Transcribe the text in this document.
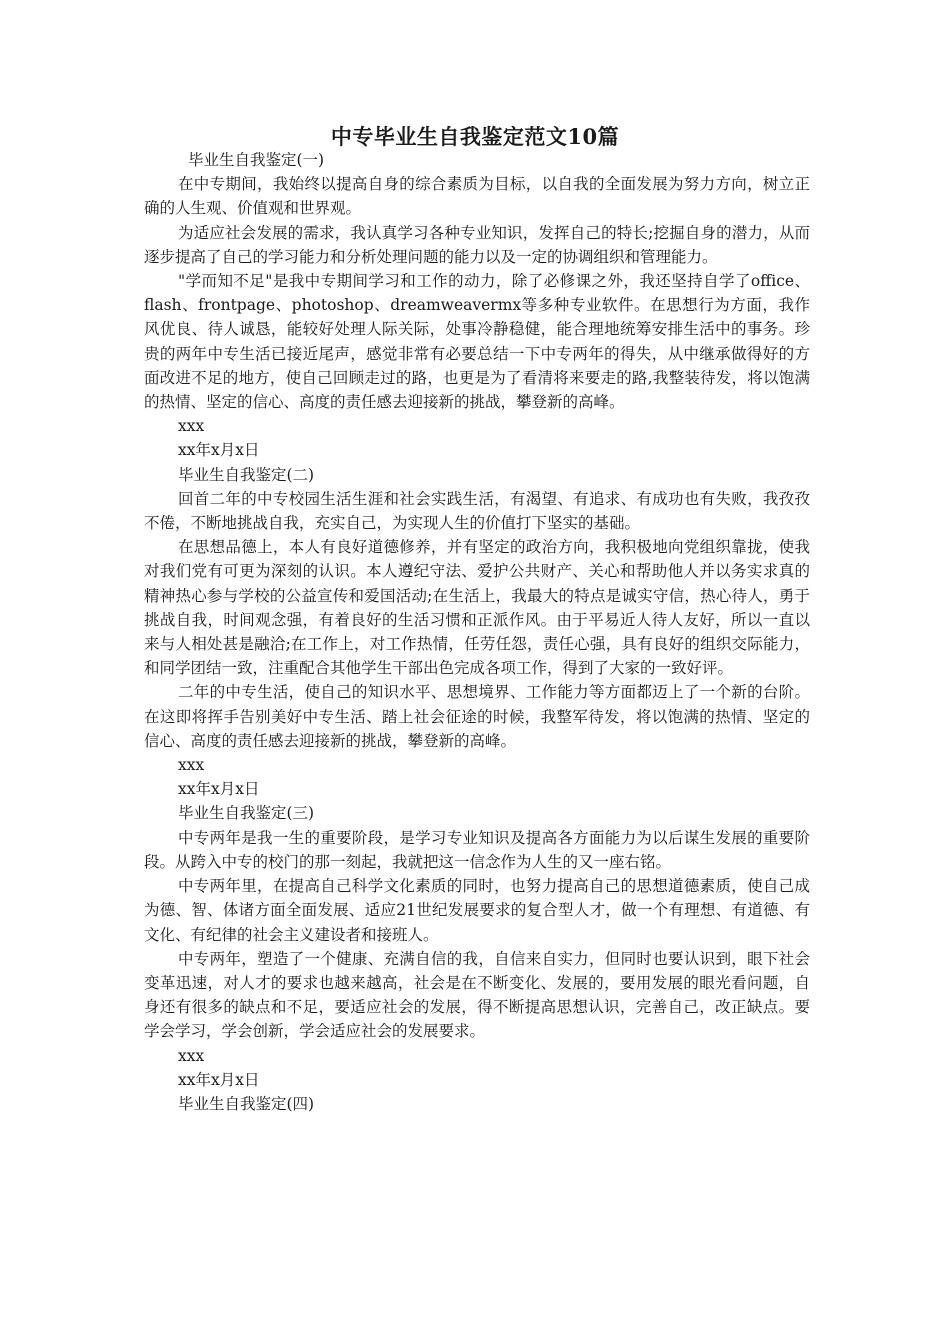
中专毕业生自我鉴定范文10篇

毕业生自我鉴定(一)

在中专期间，我始终以提高自身的综合素质为目标，以自我的全面发展为努力方向，树立正确的人生观、价值观和世界观。

为适应社会发展的需求，我认真学习各种专业知识，发挥自己的特长;挖掘自身的潜力，从而逐步提高了自己的学习能力和分析处理问题的能力以及一定的协调组织和管理能力。

"学而知不足"是我中专期间学习和工作的动力，除了必修课之外，我还坚持自学了office、flash、frontpage、photoshop、dreamweavermx等多种专业软件。在思想行为方面，我作风优良、待人诚恳，能较好处理人际关际，处事冷静稳健，能合理地统筹安排生活中的事务。珍贵的两年中专生活已接近尾声，感觉非常有必要总结一下中专两年的得失，从中继承做得好的方面改进不足的地方，使自己回顾走过的路，也更是为了看清将来要走的路,我整装待发，将以饱满的热情、坚定的信心、高度的责任感去迎接新的挑战，攀登新的高峰。

xxx

xx年x月x日

毕业生自我鉴定(二)

回首二年的中专校园生活生涯和社会实践生活，有渴望、有追求、有成功也有失败，我孜孜不倦，不断地挑战自我，充实自己，为实现人生的价值打下坚实的基础。

在思想品德上，本人有良好道德修养，并有坚定的政治方向，我积极地向党组织靠拢，使我对我们党有可更为深刻的认识。本人遵纪守法、爱护公共财产、关心和帮助他人并以务实求真的精神热心参与学校的公益宣传和爱国活动;在生活上，我最大的特点是诚实守信，热心待人，勇于挑战自我，时间观念强，有着良好的生活习惯和正派作风。由于平易近人待人友好，所以一直以来与人相处甚是融洽;在工作上，对工作热情，任劳任怨，责任心强，具有良好的组织交际能力，和同学团结一致，注重配合其他学生干部出色完成各项工作，得到了大家的一致好评。

二年的中专生活，使自己的知识水平、思想境界、工作能力等方面都迈上了一个新的台阶。在这即将挥手告别美好中专生活、踏上社会征途的时候，我整军待发，将以饱满的热情、坚定的信心、高度的责任感去迎接新的挑战，攀登新的高峰。

xxx

xx年x月x日

毕业生自我鉴定(三)

中专两年是我一生的重要阶段，是学习专业知识及提高各方面能力为以后谋生发展的重要阶段。从跨入中专的校门的那一刻起，我就把这一信念作为人生的又一座右铭。

中专两年里，在提高自己科学文化素质的同时，也努力提高自己的思想道德素质，使自己成为德、智、体诸方面全面发展、适应21世纪发展要求的复合型人才，做一个有理想、有道德、有文化、有纪律的社会主义建设者和接班人。

中专两年，塑造了一个健康、充满自信的我，自信来自实力，但同时也要认识到，眼下社会变革迅速，对人才的要求也越来越高，社会是在不断变化、发展的，要用发展的眼光看问题，自身还有很多的缺点和不足，要适应社会的发展，得不断提高思想认识，完善自己，改正缺点。要学会学习，学会创新，学会适应社会的发展要求。

xxx

xx年x月x日

毕业生自我鉴定(四)
